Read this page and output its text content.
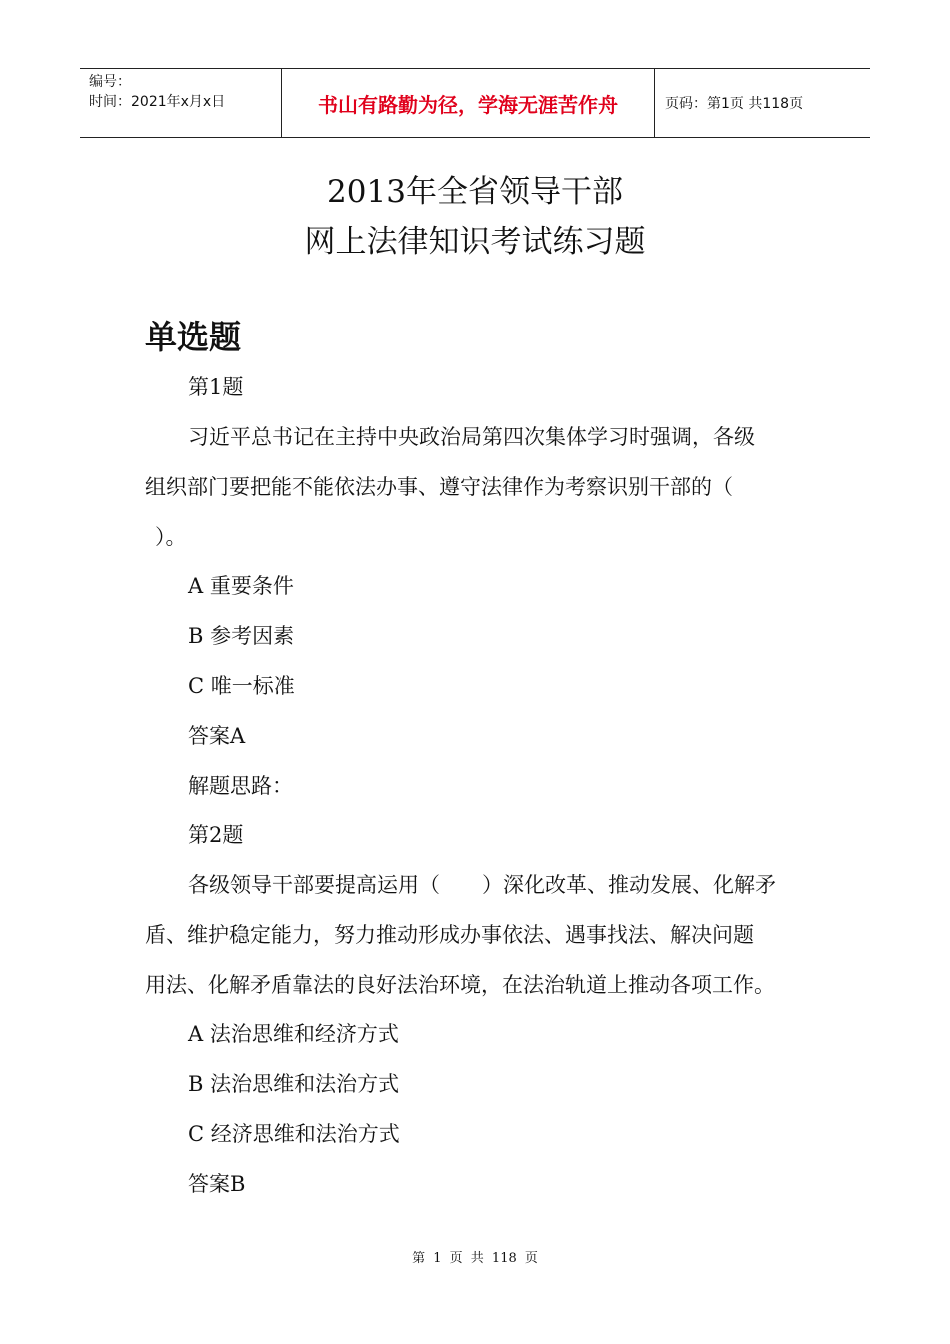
编号：
时间：2021年x月x日	书山有路勤为径，学海无涯苦作舟	页码：第1页 共118页
2013年全省领导干部
网上法律知识考试练习题
单选题
第1题
习近平总书记在主持中央政治局第四次集体学习时强调，各级
组织部门要把能不能依法办事、遵守法律作为考察识别干部的（
）。
A 重要条件
B 参考因素
C 唯一标准
答案A
解题思路：
第2题
各级领导干部要提高运用（　　）深化改革、推动发展、化解矛
盾、维护稳定能力，努力推动形成办事依法、遇事找法、解决问题
用法、化解矛盾靠法的良好法治环境，在法治轨道上推动各项工作。
A 法治思维和经济方式
B 法治思维和法治方式
C 经济思维和法治方式
答案B
第 1 页 共 118 页
